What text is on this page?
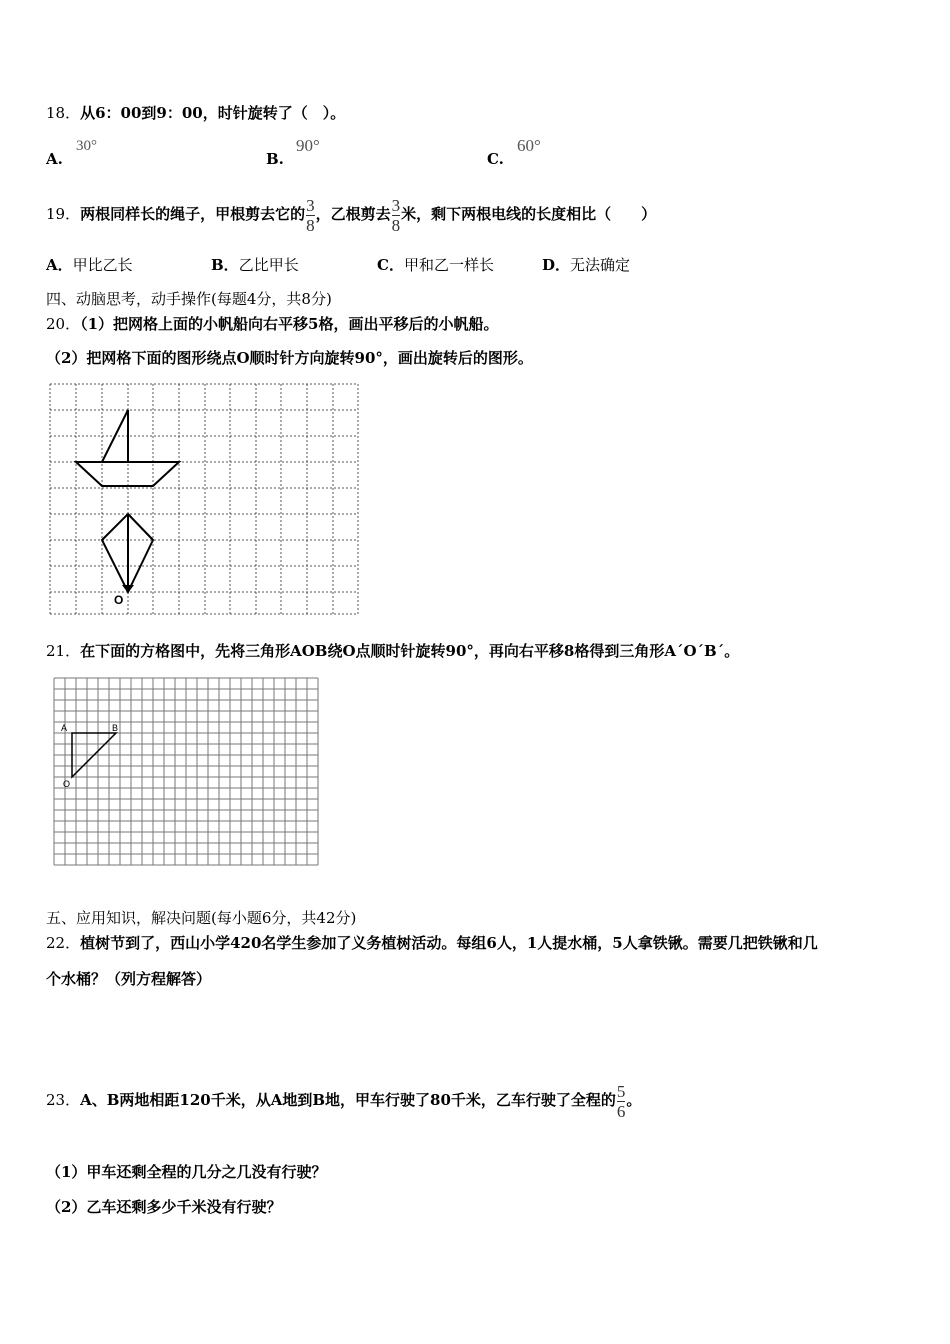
18．从6：00到9：00，时针旋转了（　）。
A.
30°
B.
90°
C.
60°
19．两根同样长的绳子，甲根剪去它的$\frac{3}{8}$，乙根剪去$\frac{3}{8}$米，剩下两根电线的长度相比（　　）
A．甲比乙长	B．乙比甲长	C．甲和乙一样长	D．无法确定
四、动脑思考，动手操作(每题4分，共8分)
20．（1）把网格上面的小帆船向右平移5格，画出平移后的小帆船。
（2）把网格下面的图形绕点O顺时针方向旋转90°，画出旋转后的图形。
O
21．在下面的方格图中，先将三角形AOB绕O点顺时针旋转90°，再向右平移8格得到三角形A´O´B´。
A	B
O
五、应用知识，解决问题(每小题6分，共42分)
22．植树节到了，西山小学420名学生参加了义务植树活动。每组6人，1人提水桶，5人拿铁锹。需要几把铁锹和几
个水桶？（列方程解答）
23．A、B两地相距120千米，从A地到B地，甲车行驶了80千米，乙车行驶了全程的$\frac{5}{6}$。
（1）甲车还剩全程的几分之几没有行驶？
（2）乙车还剩多少千米没有行驶？
